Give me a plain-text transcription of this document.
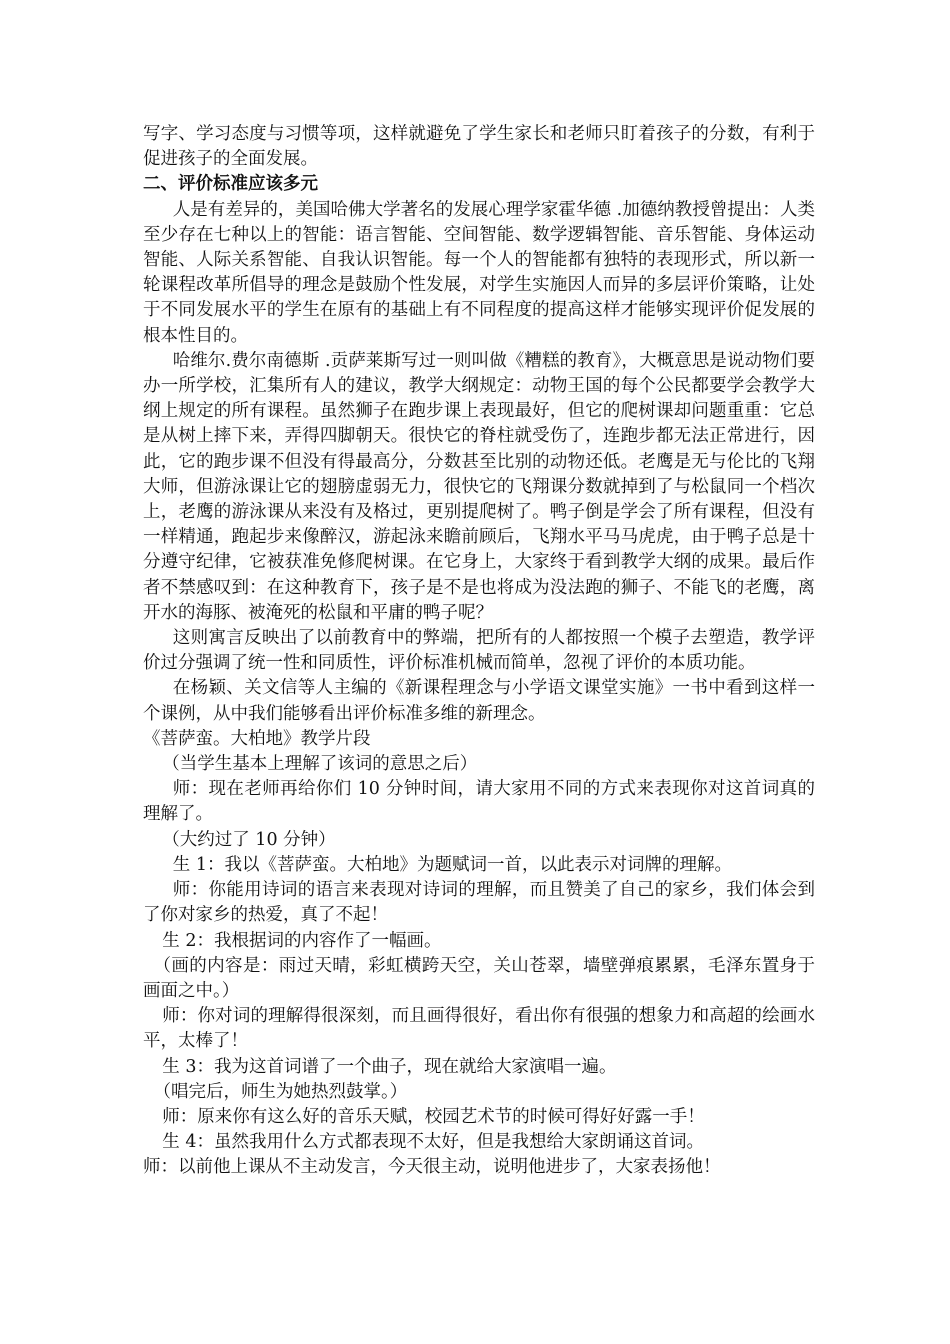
写字、学习态度与习惯等项，这样就避免了学生家长和老师只盯着孩子的分数，有利于促进孩子的全面发展。

二、评价标准应该多元

人是有差异的，美国哈佛大学著名的发展心理学家霍华德 .加德纳教授曾提出：人类至少存在七种以上的智能：语言智能、空间智能、数学逻辑智能、音乐智能、身体运动智能、人际关系智能、自我认识智能。每一个人的智能都有独特的表现形式，所以新一轮课程改革所倡导的理念是鼓励个性发展，对学生实施因人而异的多层评价策略，让处于不同发展水平的学生在原有的基础上有不同程度的提高这样才能够实现评价促发展的根本性目的。

哈维尔.费尔南德斯 .贡萨莱斯写过一则叫做《糟糕的教育》，大概意思是说动物们要办一所学校，汇集所有人的建议，教学大纲规定：动物王国的每个公民都要学会教学大纲上规定的所有课程。虽然狮子在跑步课上表现最好，但它的爬树课却问题重重：它总是从树上摔下来，弄得四脚朝天。很快它的脊柱就受伤了，连跑步都无法正常进行，因此，它的跑步课不但没有得最高分，分数甚至比别的动物还低。老鹰是无与伦比的飞翔大师，但游泳课让它的翅膀虚弱无力，很快它的飞翔课分数就掉到了与松鼠同一个档次上，老鹰的游泳课从来没有及格过，更别提爬树了。鸭子倒是学会了所有课程，但没有一样精通，跑起步来像醉汉，游起泳来瞻前顾后，飞翔水平马马虎虎，由于鸭子总是十分遵守纪律，它被获准免修爬树课。在它身上，大家终于看到教学大纲的成果。最后作者不禁感叹到：在这种教育下，孩子是不是也将成为没法跑的狮子、不能飞的老鹰，离开水的海豚、被淹死的松鼠和平庸的鸭子呢？

这则寓言反映出了以前教育中的弊端，把所有的人都按照一个模子去塑造，教学评价过分强调了统一性和同质性，评价标准机械而简单，忽视了评价的本质功能。

在杨颖、关文信等人主编的《新课程理念与小学语文课堂实施》一书中看到这样一个课例，从中我们能够看出评价标准多维的新理念。

《菩萨蛮。大柏地》教学片段

（当学生基本上理解了该词的意思之后）

师：现在老师再给你们 10 分钟时间，请大家用不同的方式来表现你对这首词真的理解了。

（大约过了 10 分钟）

生 1：我以《菩萨蛮。大柏地》为题赋词一首，以此表示对词牌的理解。

师：你能用诗词的语言来表现对诗词的理解，而且赞美了自己的家乡，我们体会到了你对家乡的热爱，真了不起！

生 2：我根据词的内容作了一幅画。

（画的内容是：雨过天晴，彩虹横跨天空，关山苍翠，墙壁弹痕累累，毛泽东置身于画面之中。）

师：你对词的理解得很深刻，而且画得很好，看出你有很强的想象力和高超的绘画水平，太棒了！

生 3：我为这首词谱了一个曲子，现在就给大家演唱一遍。

（唱完后，师生为她热烈鼓掌。）

师：原来你有这么好的音乐天赋，校园艺术节的时候可得好好露一手！

生 4：虽然我用什么方式都表现不太好，但是我想给大家朗诵这首词。

师：以前他上课从不主动发言，今天很主动，说明他进步了，大家表扬他！
